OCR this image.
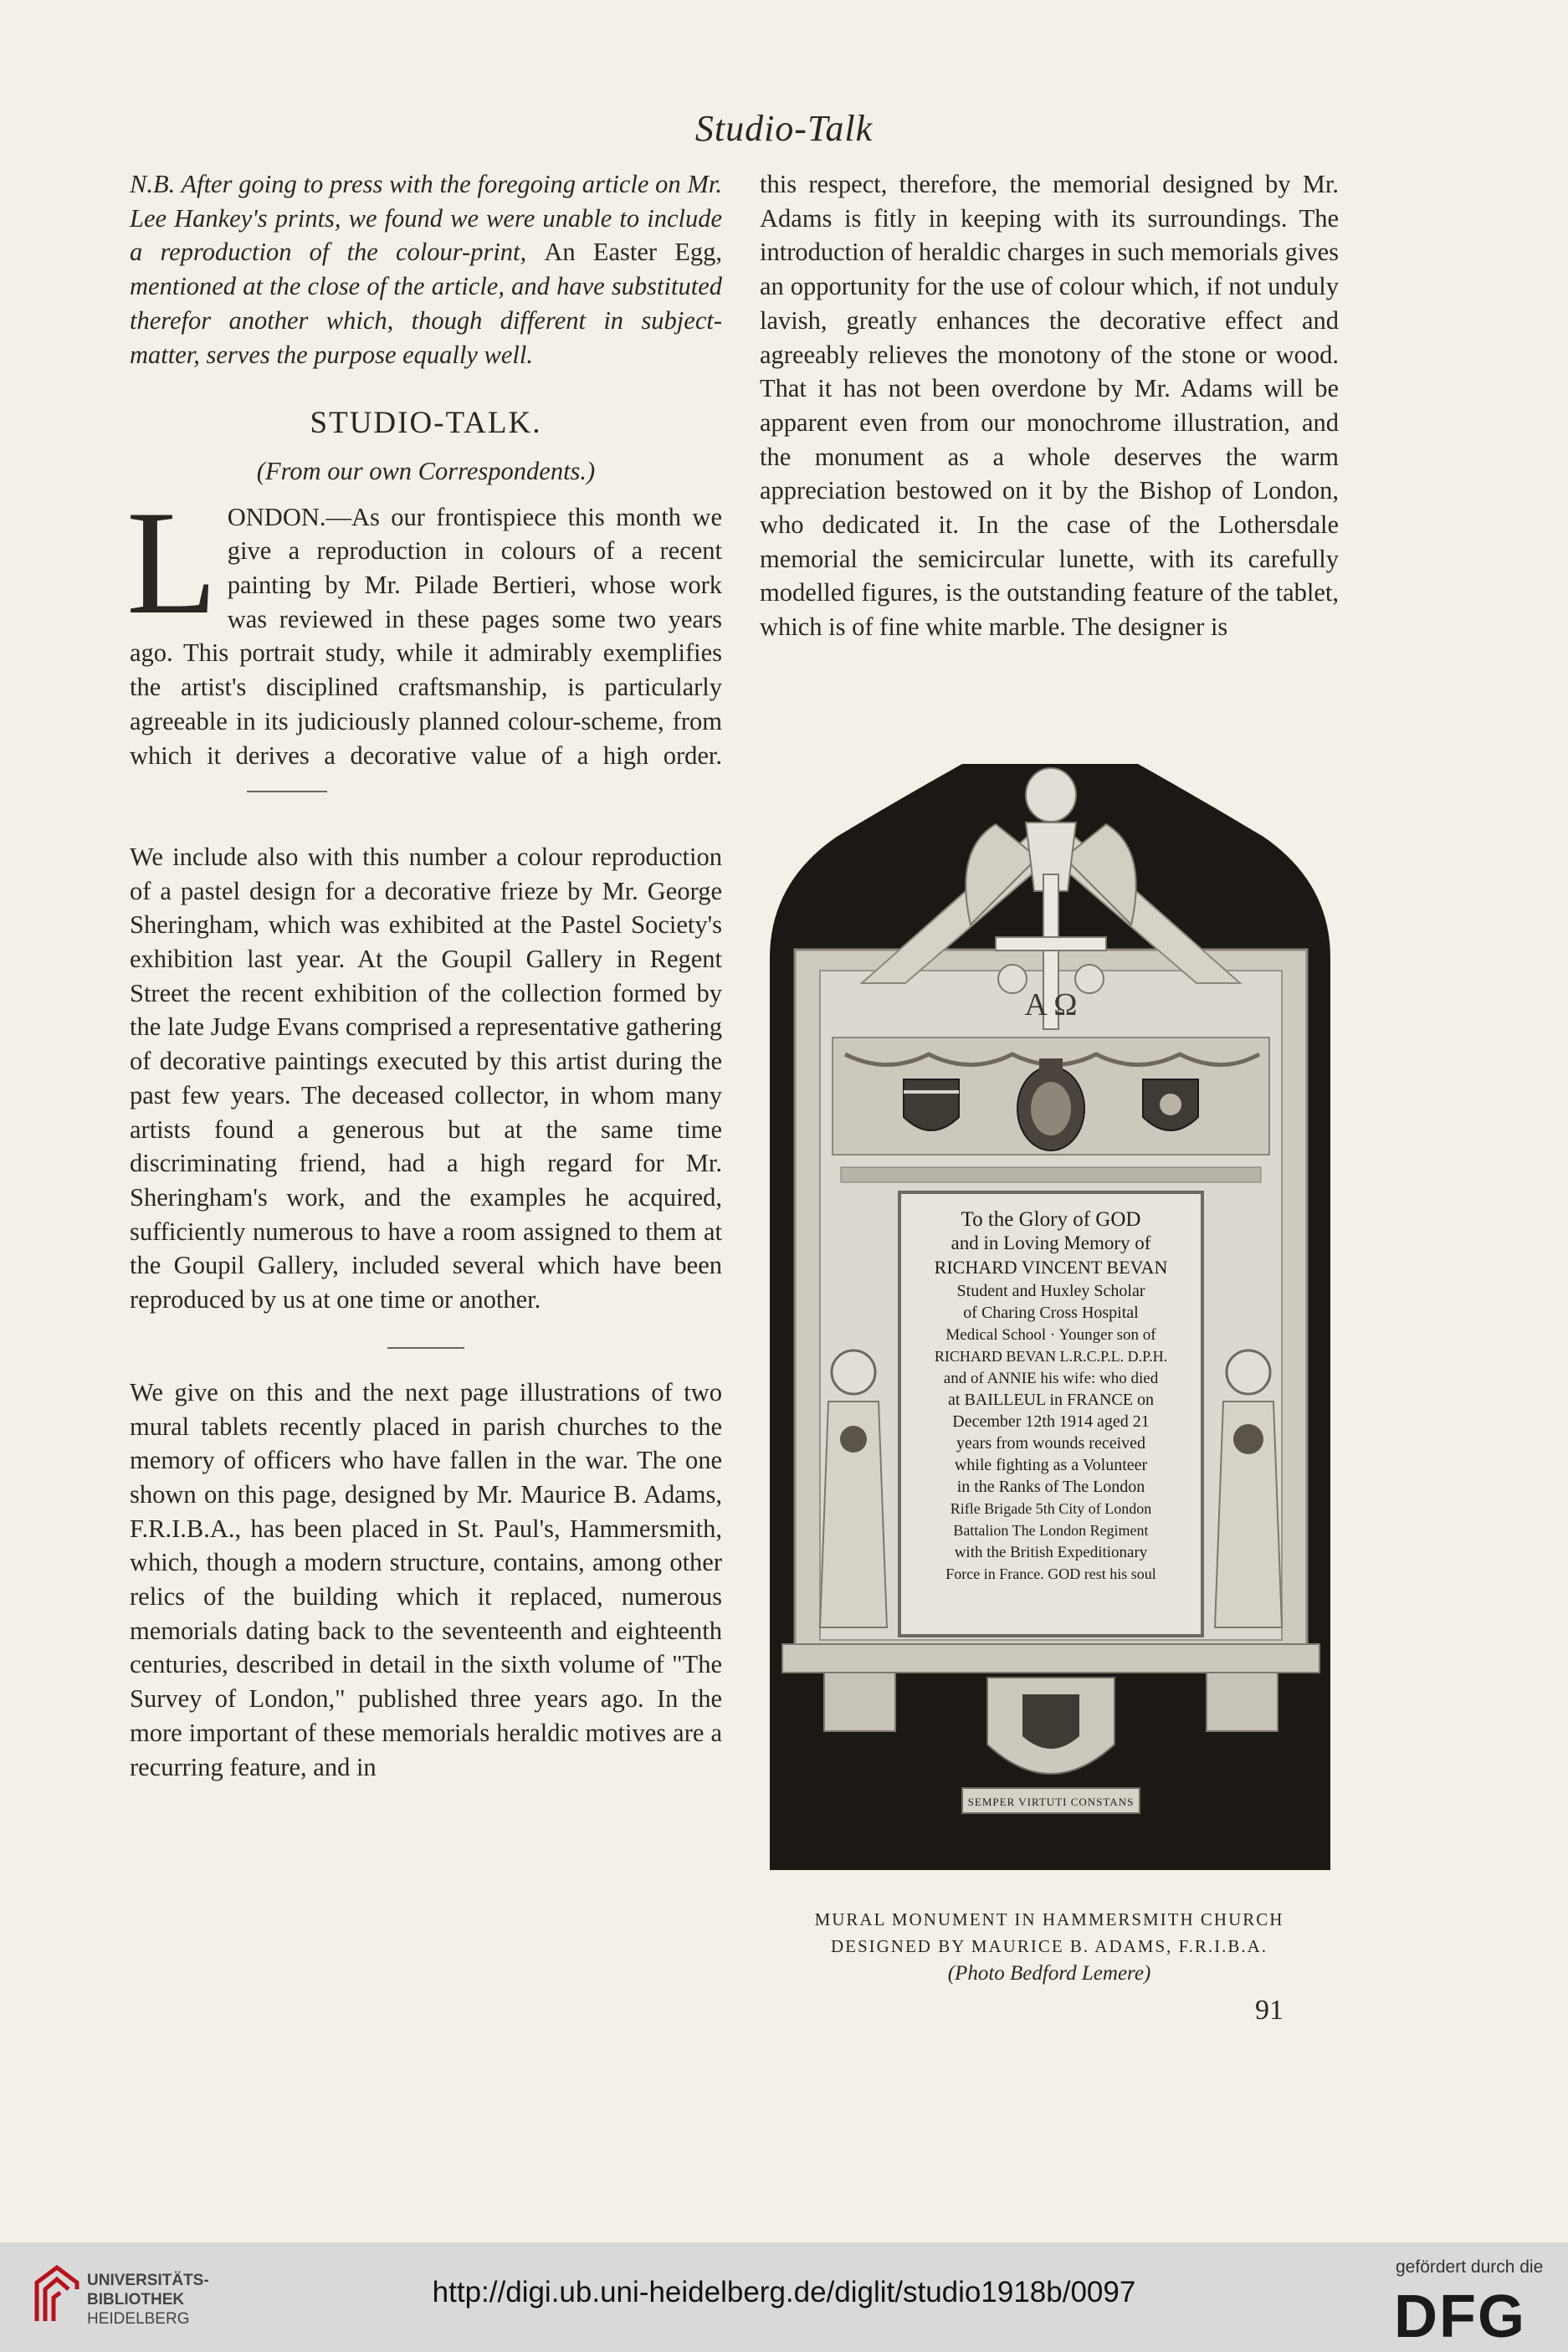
Studio-Talk

N.B. After going to press with the foregoing article on Mr. Lee Hankey's prints, we found we were unable to include a reproduction of the colour-print, An Easter Egg, mentioned at the close of the article, and have substituted therefor another which, though different in subject-matter, serves the purpose equally well.

STUDIO-TALK.

(From our own Correspondents.)

L ONDON.—As our frontispiece this month we give a reproduction in colours of a recent painting by Mr. Pilade Bertieri, whose work was reviewed in these pages some two years ago. This portrait study, while it admirably exemplifies the artist's disciplined craftsmanship, is particularly agreeable in its judiciously planned colour-scheme, from which it derives a decorative value of a high order.

We include also with this number a colour reproduction of a pastel design for a decorative frieze by Mr. George Sheringham, which was exhibited at the Pastel Society's exhibition last year. At the Goupil Gallery in Regent Street the recent exhibition of the collection formed by the late Judge Evans comprised a representative gathering of decorative paintings executed by this artist during the past few years. The deceased collector, in whom many artists found a generous but at the same time discriminating friend, had a high regard for Mr. Sheringham's work, and the examples he acquired, sufficiently numerous to have a room assigned to them at the Goupil Gallery, included several which have been reproduced by us at one time or another.

We give on this and the next page illustrations of two mural tablets recently placed in parish churches to the memory of officers who have fallen in the war. The one shown on this page, designed by Mr. Maurice B. Adams, F.R.I.B.A., has been placed in St. Paul's, Hammersmith, which, though a modern structure, contains, among other relics of the building which it replaced, numerous memorials dating back to the seventeenth and eighteenth centuries, described in detail in the sixth volume of "The Survey of London," published three years ago. In the more important of these memorials heraldic motives are a recurring feature, and in

this respect, therefore, the memorial designed by Mr. Adams is fitly in keeping with its surroundings. The introduction of heraldic charges in such memorials gives an opportunity for the use of colour which, if not unduly lavish, greatly enhances the decorative effect and agreeably relieves the monotony of the stone or wood. That it has not been overdone by Mr. Adams will be apparent even from our monochrome illustration, and the monument as a whole deserves the warm appreciation bestowed on it by the Bishop of London, who dedicated it. In the case of the Lothersdale memorial the semicircular lunette, with its carefully modelled figures, is the outstanding feature of the tablet, which is of fine white marble. The designer is

A Ω
To the Glory of GOD
and in Loving Memory of
RICHARD VINCENT BEVAN
Student and Huxley Scholar
of Charing Cross Hospital
Medical School · Younger son of
RICHARD BEVAN L.R.C.P.L. D.P.H.
and of ANNIE his wife: who died
at BAILLEUL in FRANCE on
December 12th 1914 aged 21
years from wounds received
while fighting as a Volunteer
in the Ranks of The London
Rifle Brigade 5th City of London
Battalion The London Regiment
with the British Expeditionary
Force in France. GOD rest his soul
SEMPER VIRTUTI CONSTANS
MURAL MONUMENT IN HAMMERSMITH CHURCH
DESIGNED BY MAURICE B. ADAMS, F.R.I.B.A.
(Photo Bedford Lemere)
91
UNIVERSITÄTS-
BIBLIOTHEK
HEIDELBERG
http://digi.ub.uni-heidelberg.de/diglit/studio1918b/0097
gefördert durch die
DFG
